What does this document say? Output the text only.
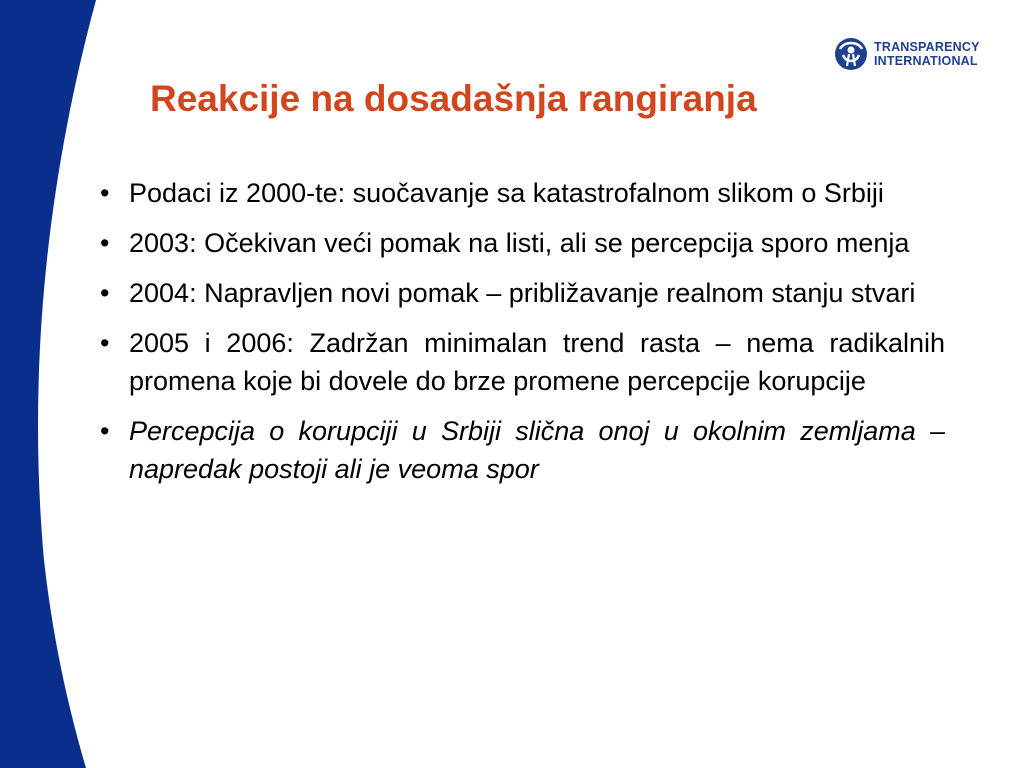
TRANSPARENCY
INTERNATIONAL
Reakcije na dosadašnja rangiranja
• Podaci iz 2000-te: suočavanje sa katastrofalnom slikom o Srbiji
• 2003: Očekivan veći pomak na listi, ali se percepcija sporo menja
• 2004: Napravljen novi pomak – približavanje realnom stanju stvari
• 2005 i 2006: Zadržan minimalan trend rasta – nema radikalnih promena koje bi dovele do brze promene percepcije korupcije
• Percepcija o korupciji u Srbiji slična onoj u okolnim zemljama – napredak postoji ali je veoma spor
